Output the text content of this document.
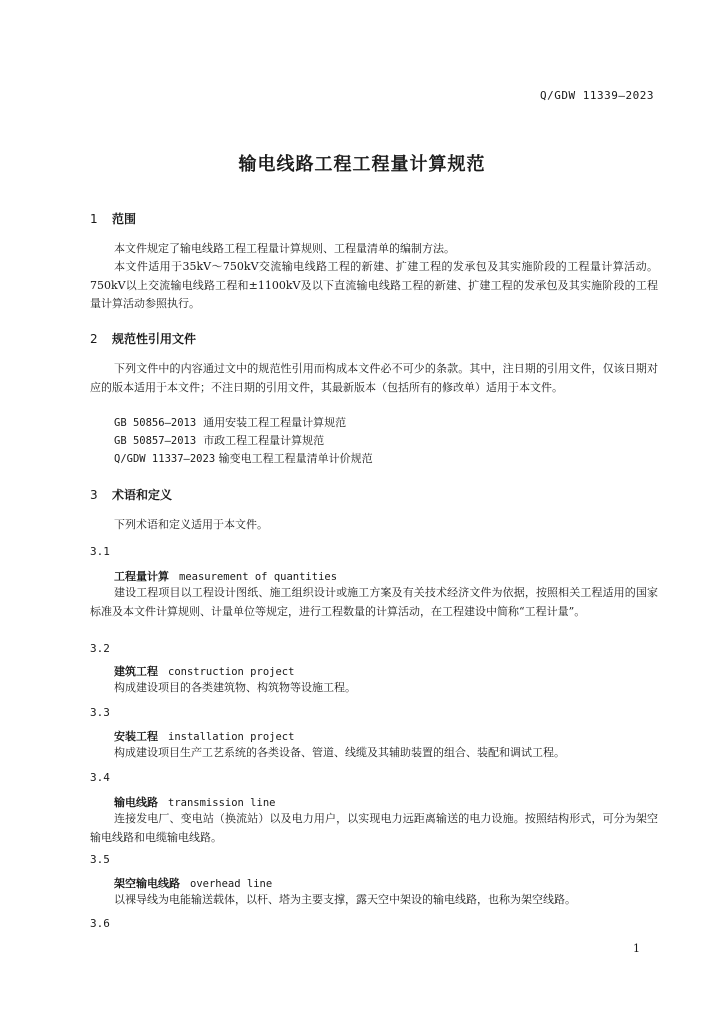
Q/GDW 11339—2023
输电线路工程工程量计算规范
1 范围
本文件规定了输电线路工程工程量计算规则、工程量清单的编制方法。
本文件适用于35kV～750kV交流输电线路工程的新建、扩建工程的发承包及其实施阶段的工程量计算活动。750kV以上交流输电线路工程和±1100kV及以下直流输电线路工程的新建、扩建工程的发承包及其实施阶段的工程量计算活动参照执行。
2 规范性引用文件
下列文件中的内容通过文中的规范性引用而构成本文件必不可少的条款。其中，注日期的引用文件，仅该日期对应的版本适用于本文件；不注日期的引用文件，其最新版本（包括所有的修改单）适用于本文件。
GB 50856—2013 通用安装工程工程量计算规范
GB 50857—2013 市政工程工程量计算规范
Q/GDW 11337—2023 输变电工程工程量清单计价规范
3 术语和定义
下列术语和定义适用于本文件。
3.1
工程量计算 measurement of quantities
建设工程项目以工程设计图纸、施工组织设计或施工方案及有关技术经济文件为依据，按照相关工程适用的国家标准及本文件计算规则、计量单位等规定，进行工程数量的计算活动，在工程建设中简称“工程计量”。
3.2
建筑工程 construction project
构成建设项目的各类建筑物、构筑物等设施工程。
3.3
安装工程 installation project
构成建设项目生产工艺系统的各类设备、管道、线缆及其辅助装置的组合、装配和调试工程。
3.4
输电线路 transmission line
连接发电厂、变电站（换流站）以及电力用户，以实现电力远距离输送的电力设施。按照结构形式，可分为架空输电线路和电缆输电线路。
3.5
架空输电线路 overhead line
以裸导线为电能输送载体，以杆、塔为主要支撑，露天空中架设的输电线路，也称为架空线路。
3.6
1
